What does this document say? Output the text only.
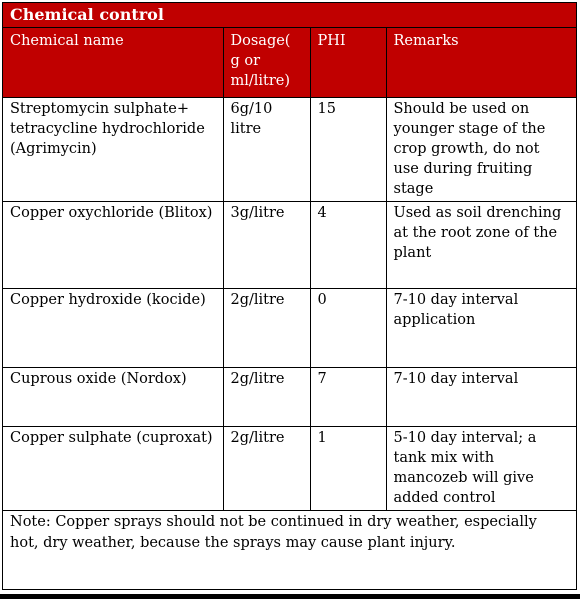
Chemical control
Chemical name	Dosage( g or ml/litre)	PHI	Remarks
Streptomycin sulphate+ tetracycline hydrochloride (Agrimycin)	6g/10 litre	15	Should be used on younger stage of the crop growth, do not use during fruiting stage
Copper oxychloride (Blitox)	3g/litre	4	Used as soil drenching at the root zone of the plant
Copper hydroxide (kocide)	2g/litre	0	7-10 day interval application
Cuprous oxide (Nordox)	2g/litre	7	7-10 day interval
Copper sulphate (cuproxat)	2g/litre	1	5-10 day interval; a tank mix with mancozeb will give added control
Note: Copper sprays should not be continued in dry weather, especially hot, dry weather, because the sprays may cause plant injury.			
